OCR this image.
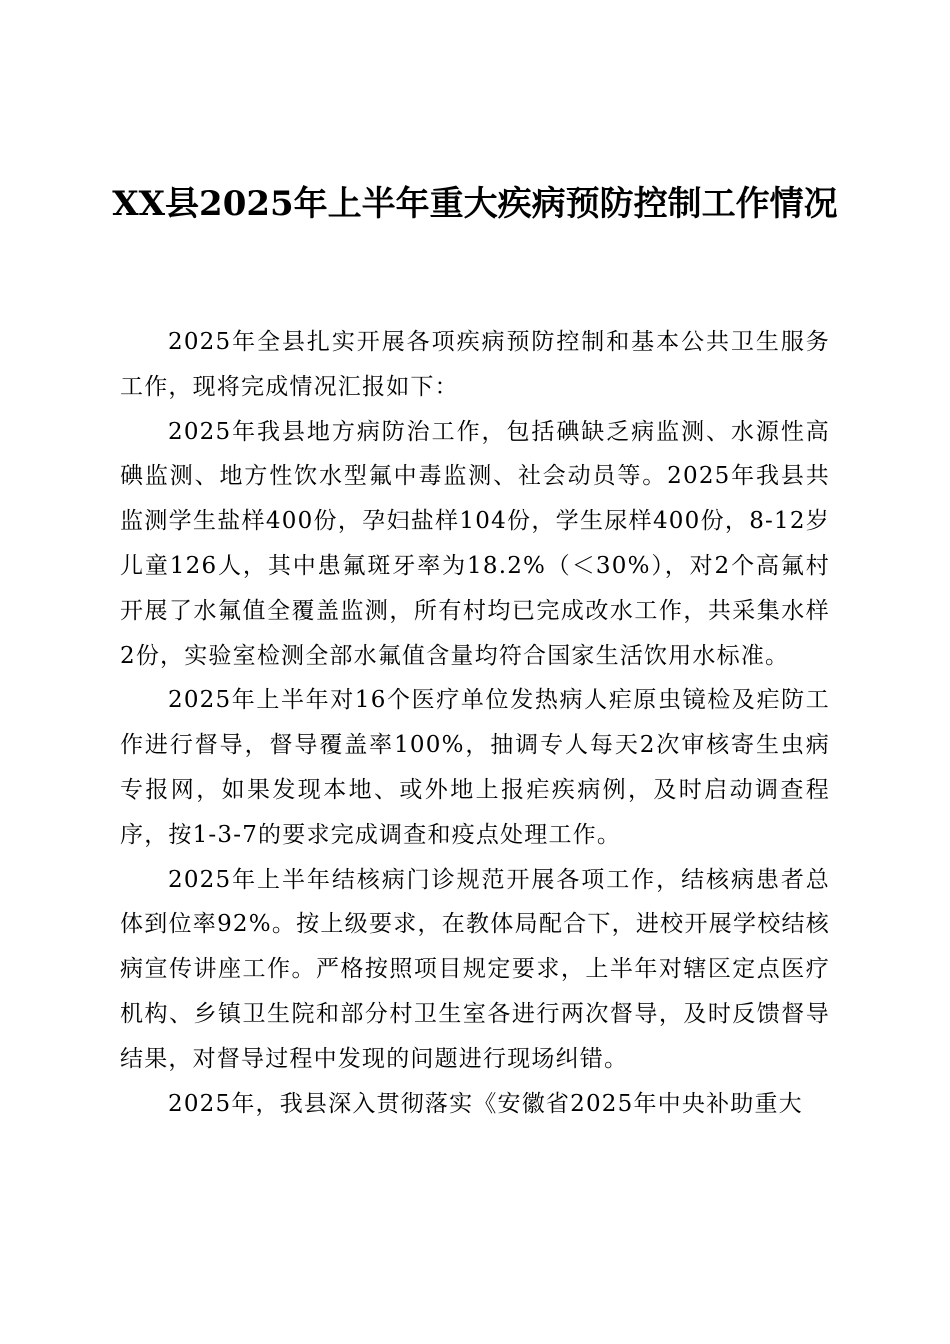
XX县2025年上半年重大疾病预防控制工作情况

2025年全县扎实开展各项疾病预防控制和基本公共卫生服务工作，现将完成情况汇报如下：

2025年我县地方病防治工作，包括碘缺乏病监测、水源性高碘监测、地方性饮水型氟中毒监测、社会动员等。2025年我县共监测学生盐样400份，孕妇盐样104份，学生尿样400份，8-12岁儿童126人，其中患氟斑牙率为18.2%（＜30%），对2个高氟村开展了水氟值全覆盖监测，所有村均已完成改水工作，共采集水样2份，实验室检测全部水氟值含量均符合国家生活饮用水标准。

2025年上半年对16个医疗单位发热病人疟原虫镜检及疟防工作进行督导，督导覆盖率100%，抽调专人每天2次审核寄生虫病专报网，如果发现本地、或外地上报疟疾病例，及时启动调查程序，按1-3-7的要求完成调查和疫点处理工作。

2025年上半年结核病门诊规范开展各项工作，结核病患者总体到位率92%。按上级要求，在教体局配合下，进校开展学校结核病宣传讲座工作。严格按照项目规定要求，上半年对辖区定点医疗机构、乡镇卫生院和部分村卫生室各进行两次督导，及时反馈督导结果，对督导过程中发现的问题进行现场纠错。

2025年，我县深入贯彻落实《安徽省2025年中央补助重大
